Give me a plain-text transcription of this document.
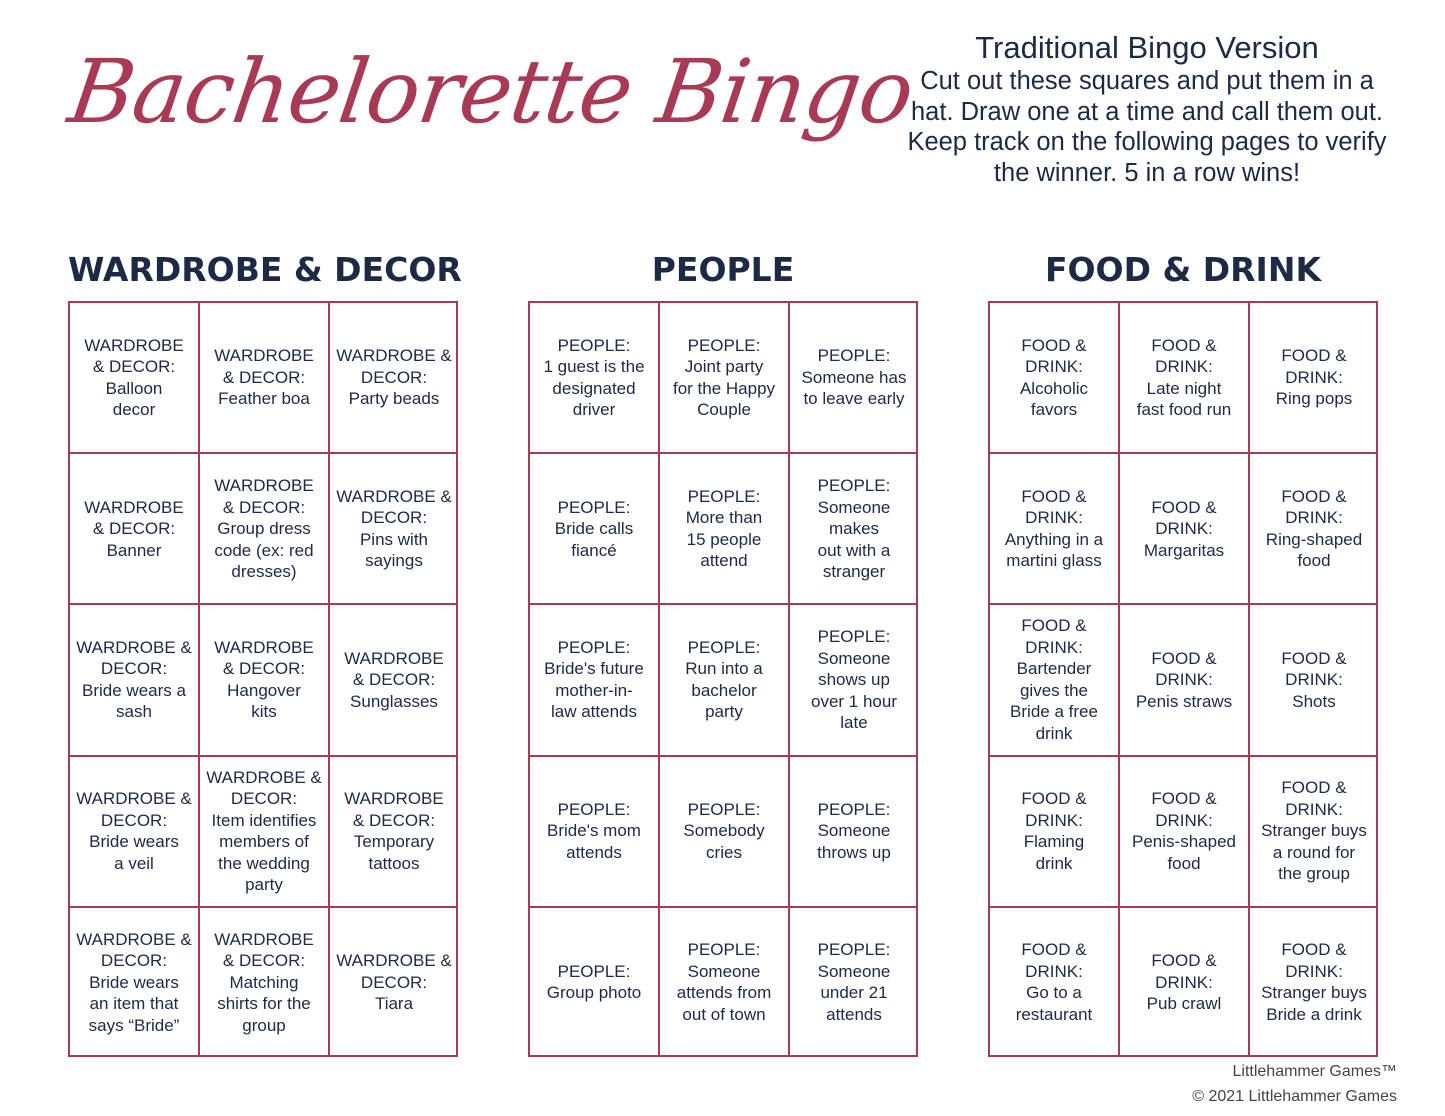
Bachelorette Bingo	Traditional Bingo Version
Cut out these squares and put them in a hat. Draw one at a time and call them out. Keep track on the following pages to verify the winner. 5 in a row wins!
WARDROBE & DECOR	PEOPLE	FOOD & DRINK
WARDROBE
& DECOR:
Balloon
decor
WARDROBE
& DECOR:
Feather boa
WARDROBE &
DECOR:
Party beads
WARDROBE
& DECOR:
Banner
WARDROBE
& DECOR:
Group dress
code (ex: red
dresses)
WARDROBE &
DECOR:
Pins with
sayings
WARDROBE &
DECOR:
Bride wears a
sash
WARDROBE
& DECOR:
Hangover
kits
WARDROBE
& DECOR:
Sunglasses
WARDROBE &
DECOR:
Bride wears
a veil
WARDROBE &
DECOR:
Item identifies
members of
the wedding
party
WARDROBE
& DECOR:
Temporary
tattoos
WARDROBE &
DECOR:
Bride wears
an item that
says “Bride”
WARDROBE
& DECOR:
Matching
shirts for the
group
WARDROBE &
DECOR:
Tiara
PEOPLE:
1 guest is the
designated
driver
PEOPLE:
Joint party
for the Happy
Couple
PEOPLE:
Someone has
to leave early
PEOPLE:
Bride calls
fiancé
PEOPLE:
More than
15 people
attend
PEOPLE:
Someone
makes
out with a
stranger
PEOPLE:
Bride's future
mother-in-
law attends
PEOPLE:
Run into a
bachelor
party
PEOPLE:
Someone
shows up
over 1 hour
late
PEOPLE:
Bride's mom
attends
PEOPLE:
Somebody
cries
PEOPLE:
Someone
throws up
PEOPLE:
Group photo
PEOPLE:
Someone
attends from
out of town
PEOPLE:
Someone
under 21
attends
FOOD &
DRINK:
Alcoholic
favors
FOOD &
DRINK:
Late night
fast food run
FOOD &
DRINK:
Ring pops
FOOD &
DRINK:
Anything in a
martini glass
FOOD &
DRINK:
Margaritas
FOOD &
DRINK:
Ring-shaped
food
FOOD &
DRINK:
Bartender
gives the
Bride a free
drink
FOOD &
DRINK:
Penis straws
FOOD &
DRINK:
Shots
FOOD &
DRINK:
Flaming
drink
FOOD &
DRINK:
Penis-shaped
food
FOOD &
DRINK:
Stranger buys
a round for
the group
FOOD &
DRINK:
Go to a
restaurant
FOOD &
DRINK:
Pub crawl
FOOD &
DRINK:
Stranger buys
Bride a drink
Littlehammer Games™
© 2021 Littlehammer Games
